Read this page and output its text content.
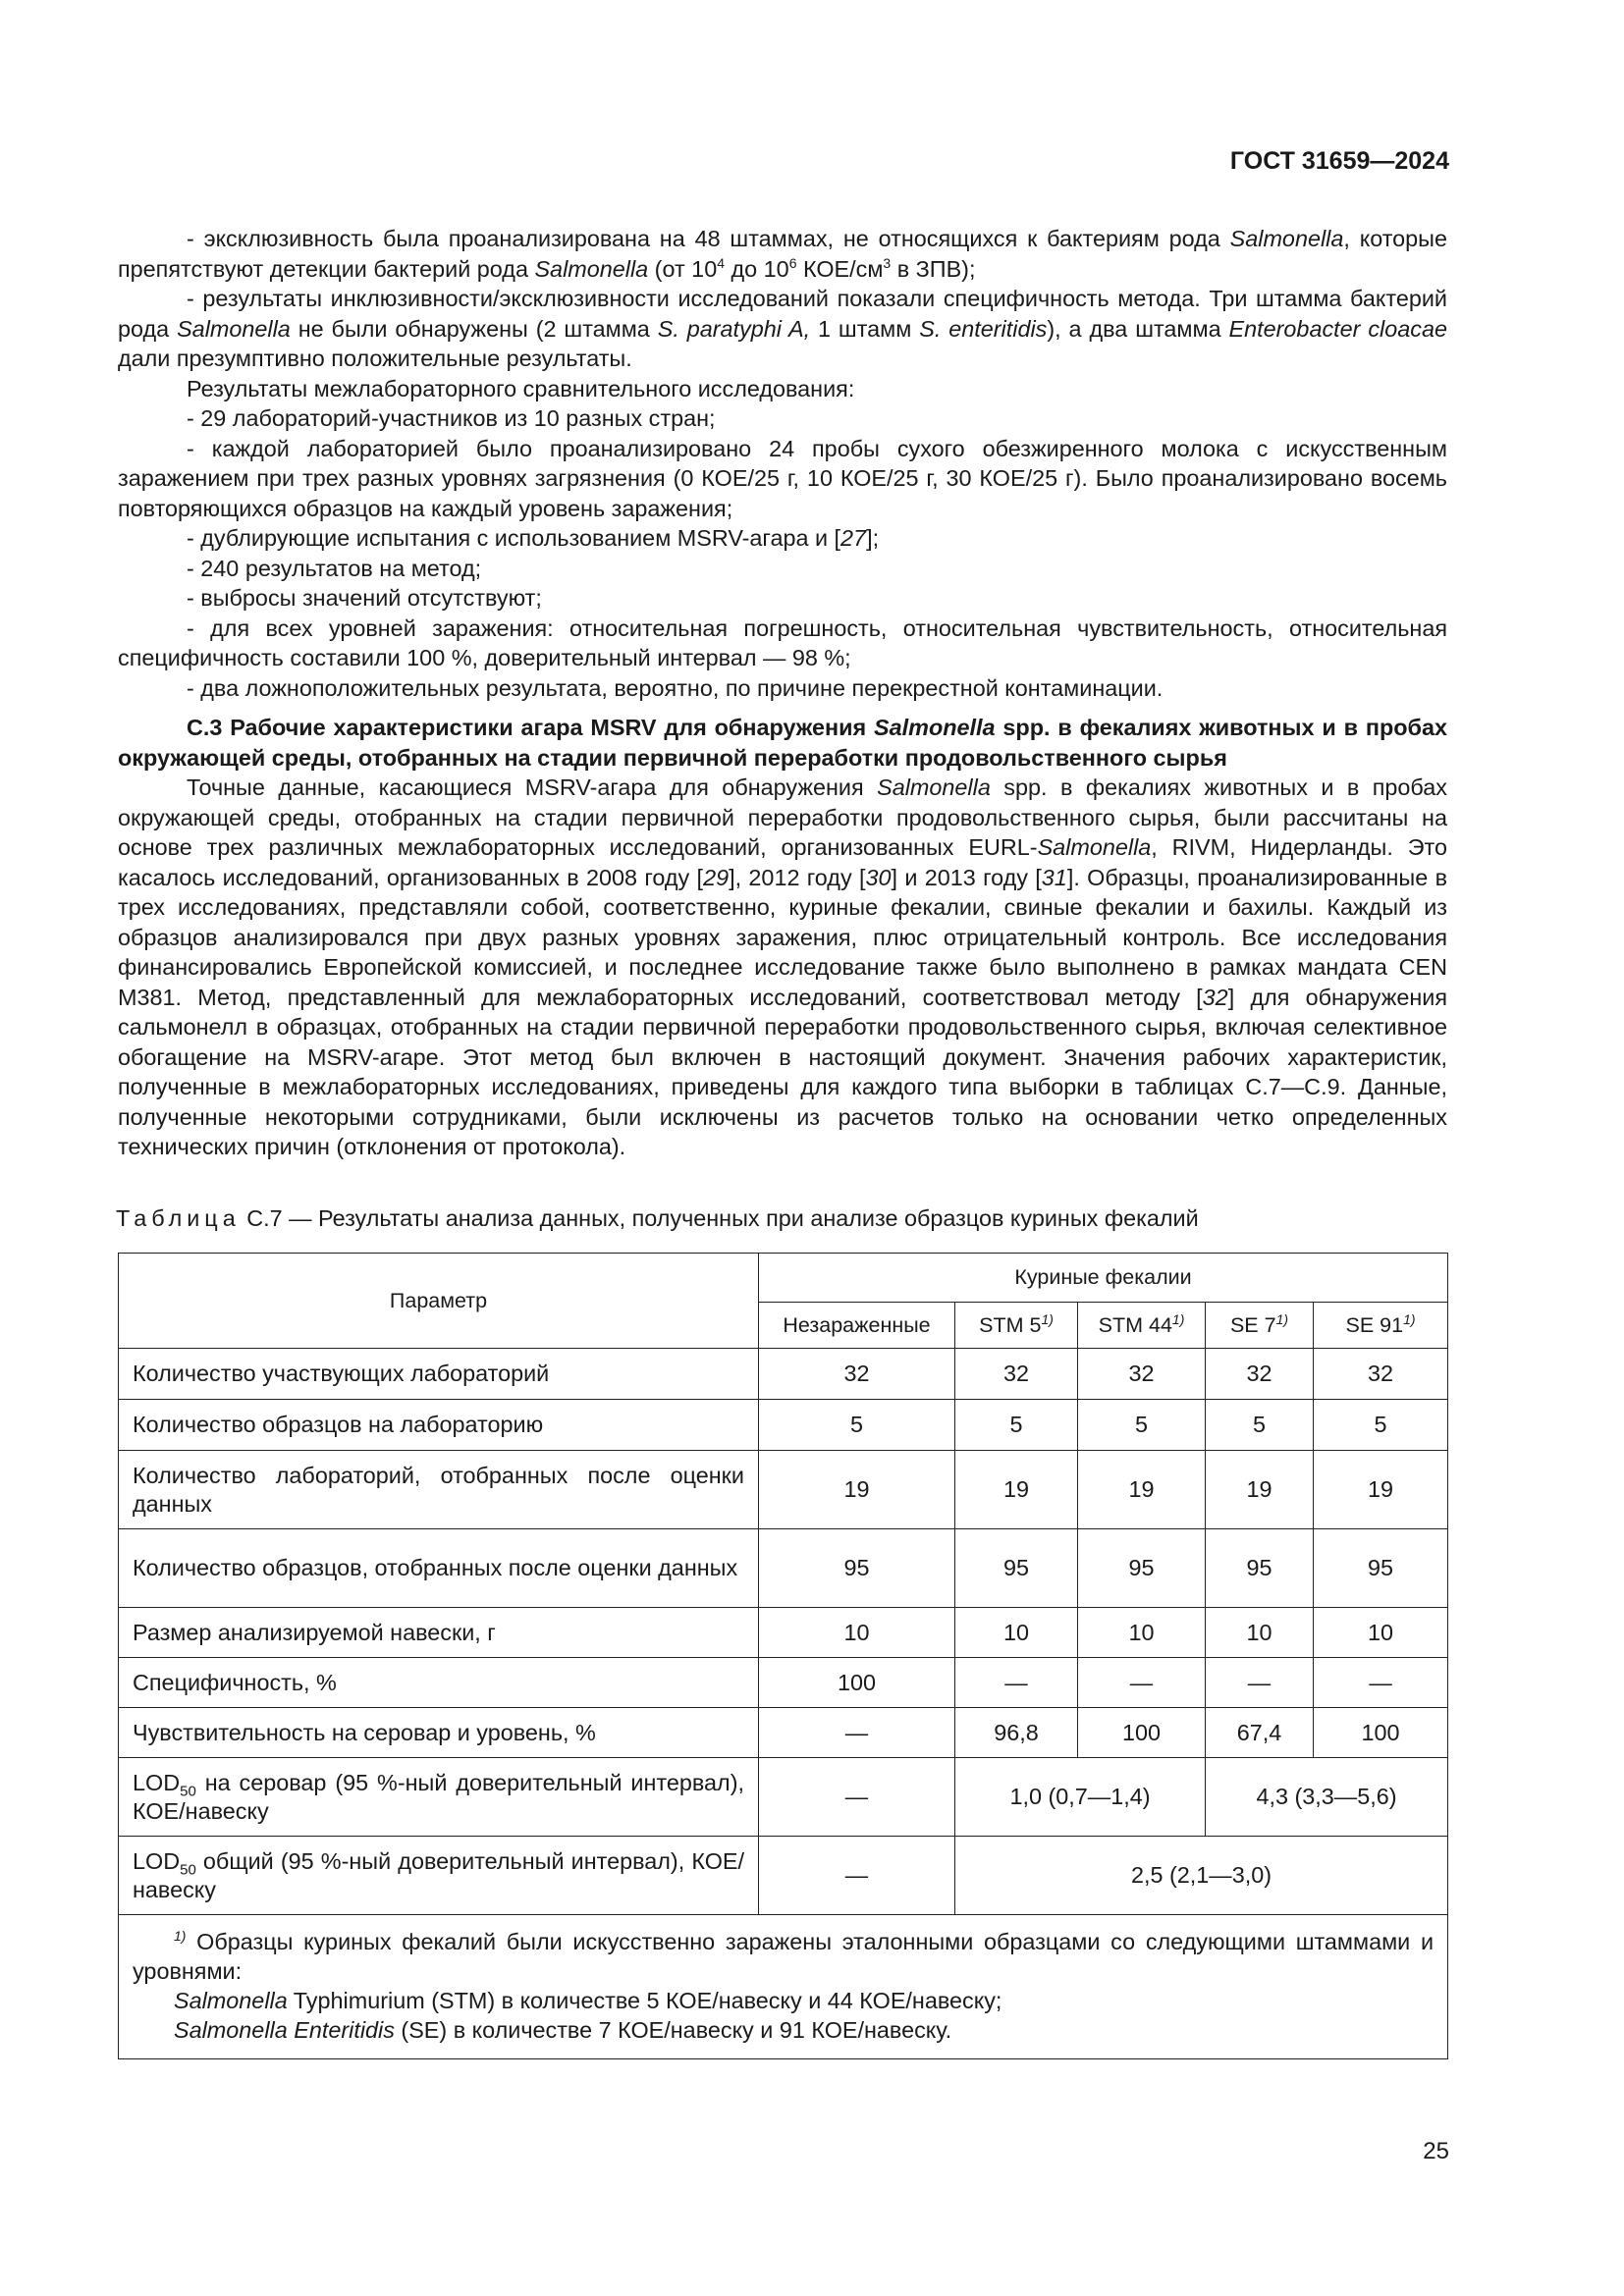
ГОСТ 31659—2024

- эксклюзивность была проанализирована на 48 штаммах, не относящихся к бактериям рода Salmonella, которые препятствуют детекции бактерий рода Salmonella (от $10^4$ до $10^6$ КОЕ/$см^3$ в ЗПВ);

- результаты инклюзивности/эксклюзивности исследований показали специфичность метода. Три штамма бактерий рода Salmonella не были обнаружены (2 штамма S. paratyphi A, 1 штамм S. enteritidis), а два штамма Enterobacter cloacae дали презумптивно положительные результаты.

Результаты межлабораторного сравнительного исследования:

- 29 лабораторий-участников из 10 разных стран;

- каждой лабораторией было проанализировано 24 пробы сухого обезжиренного молока с искусственным заражением при трех разных уровнях загрязнения (0 КОЕ/25 г, 10 КОЕ/25 г, 30 КОЕ/25 г). Было проанализировано восемь повторяющихся образцов на каждый уровень заражения;

- дублирующие испытания с использованием MSRV-агара и [27];

- 240 результатов на метод;

- выбросы значений отсутствуют;

- для всех уровней заражения: относительная погрешность, относительная чувствительность, относительная специфичность составили 100 %, доверительный интервал — 98 %;

- два ложноположительных результата, вероятно, по причине перекрестной контаминации.

С.3 Рабочие характеристики агара MSRV для обнаружения Salmonella spp. в фекалиях животных и в пробах окружающей среды, отобранных на стадии первичной переработки продовольственного сырья

Точные данные, касающиеся MSRV-агара для обнаружения Salmonella spp. в фекалиях животных и в пробах окружающей среды, отобранных на стадии первичной переработки продовольственного сырья, были рассчитаны на основе трех различных межлабораторных исследований, организованных EURL-Salmonella, RIVM, Нидерланды. Это касалось исследований, организованных в 2008 году [29], 2012 году [30] и 2013 году [31]. Образцы, проанализированные в трех исследованиях, представляли собой, соответственно, куриные фекалии, свиные фекалии и бахилы. Каждый из образцов анализировался при двух разных уровнях заражения, плюс отрицательный контроль. Все исследования финансировались Европейской комиссией, и последнее исследование также было выполнено в рамках мандата CEN M381. Метод, представленный для межлабораторных исследований, соответствовал методу [32] для обнаружения сальмонелл в образцах, отобранных на стадии первичной переработки продовольственного сырья, включая селективное обогащение на MSRV-агаре. Этот метод был включен в настоящий документ. Значения рабочих характеристик, полученные в межлабораторных исследованиях, приведены для каждого типа выборки в таблицах С.7—С.9. Данные, полученные некоторыми сотрудниками, были исключены из расчетов только на основании четко определенных технических причин (отклонения от протокола).

Таблица С.7 — Результаты анализа данных, полученных при анализе образцов куриных фекалий
Параметр	Куриные фекалии				
	Незараженные	STM 5$^{1)}$	STM 44$^{1)}$	SE 7$^{1)}$	SE 91$^{1)}$
Количество участвующих лабораторий	32	32	32	32	32
Количество образцов на лабораторию	5	5	5	5	5
Количество лабораторий, отобранных после оценки данных	19	19	19	19	19
Количество образцов, отобранных после оценки данных	95	95	95	95	95
Размер анализируемой навески, г	10	10	10	10	10
Специфичность, %	100	—	—	—	—
Чувствительность на серовар и уровень, %	—	96,8	100	67,4	100
$LOD_{50}$ на серовар (95 %-ный доверительный интервал), КОЕ/навеску	—	1,0 (0,7—1,4)		4,3 (3,3—5,6)	
$LOD_{50}$ общий (95 %-ный доверительный интервал), КОЕ/навеску	—	2,5 (2,1—3,0)			

$^{1)}$ Образцы куриных фекалий были искусственно заражены эталонными образцами со следующими штаммами и уровнями:
Salmonella Typhimurium (STM) в количестве 5 КОЕ/навеску и 44 КОЕ/навеску;
Salmonella Enteritidis (SE) в количестве 7 КОЕ/навеску и 91 КОЕ/навеску.					
25
